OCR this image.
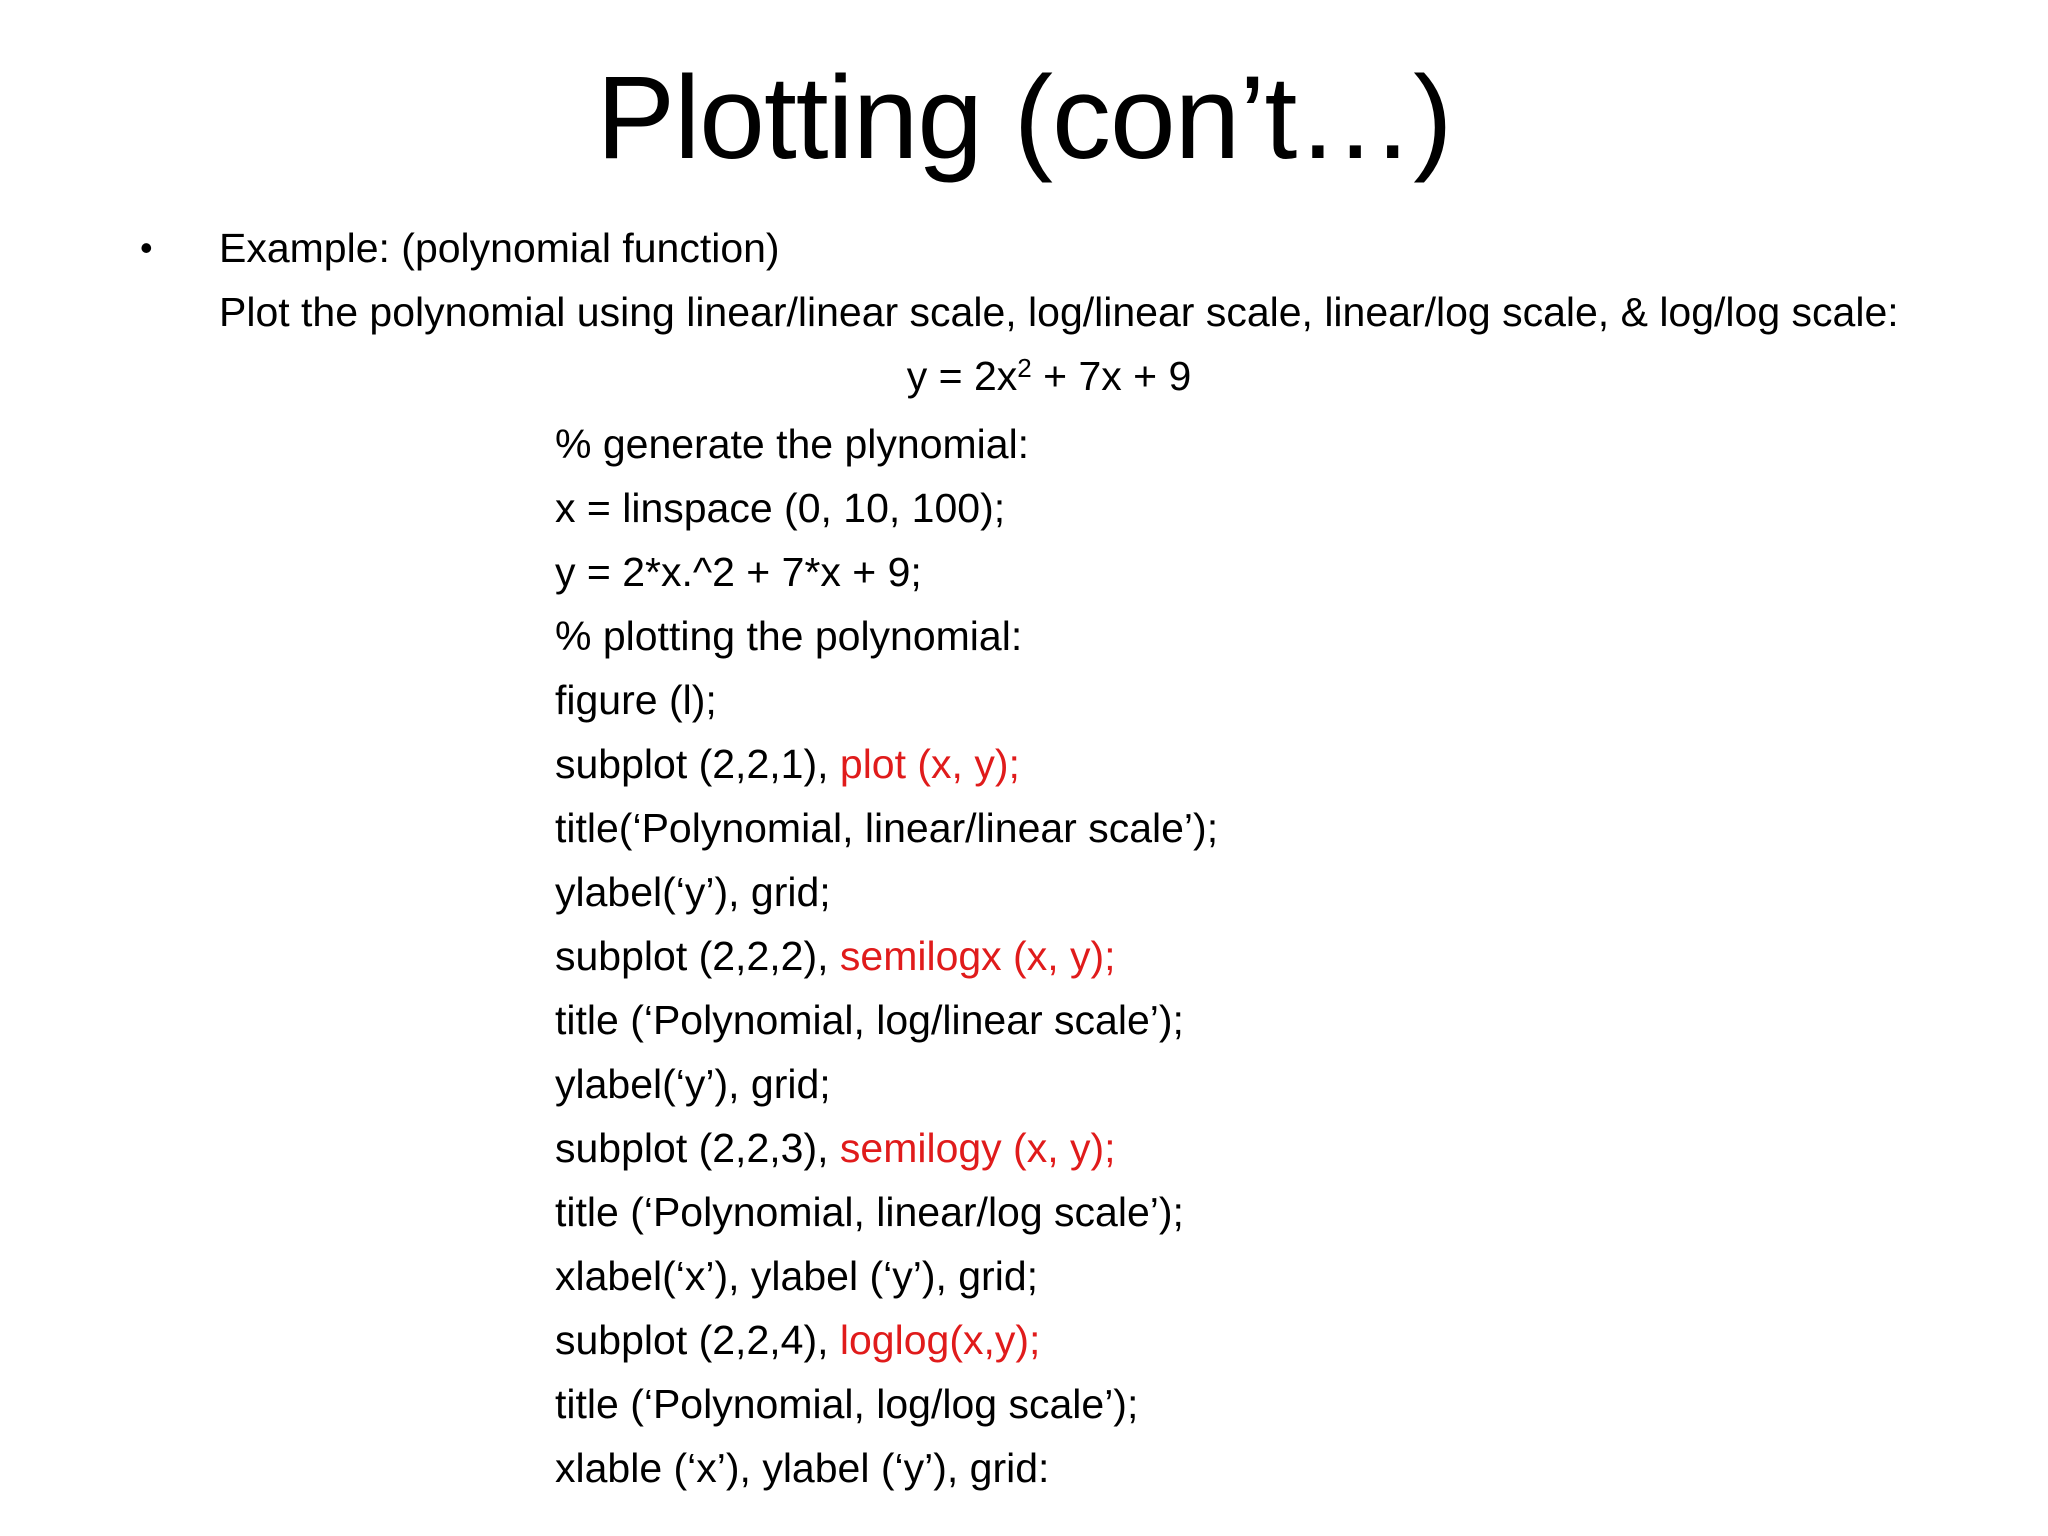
Plotting (con’t…)
• Example: (polynomial function)
Plot the polynomial using linear/linear scale, log/linear scale, linear/log scale, & log/log scale:
$y = 2x^2 + 7x + 9$
% generate the plynomial:
x = linspace (0, 10, 100);
y = 2*x.^2 + 7*x + 9;
% plotting the polynomial:
figure (l);
subplot (2,2,1), plot (x, y);
title(‘Polynomial, linear/linear scale’);
ylabel(‘y’), grid;
subplot (2,2,2), semilogx (x, y);
title (‘Polynomial, log/linear scale’);
ylabel(‘y’), grid;
subplot (2,2,3), semilogy (x, y);
title (‘Polynomial, linear/log scale’);
xlabel(‘x’), ylabel (‘y’), grid;
subplot (2,2,4), loglog(x,y);
title (‘Polynomial, log/log scale’);
xlable (‘x’), ylabel (‘y’), grid:
